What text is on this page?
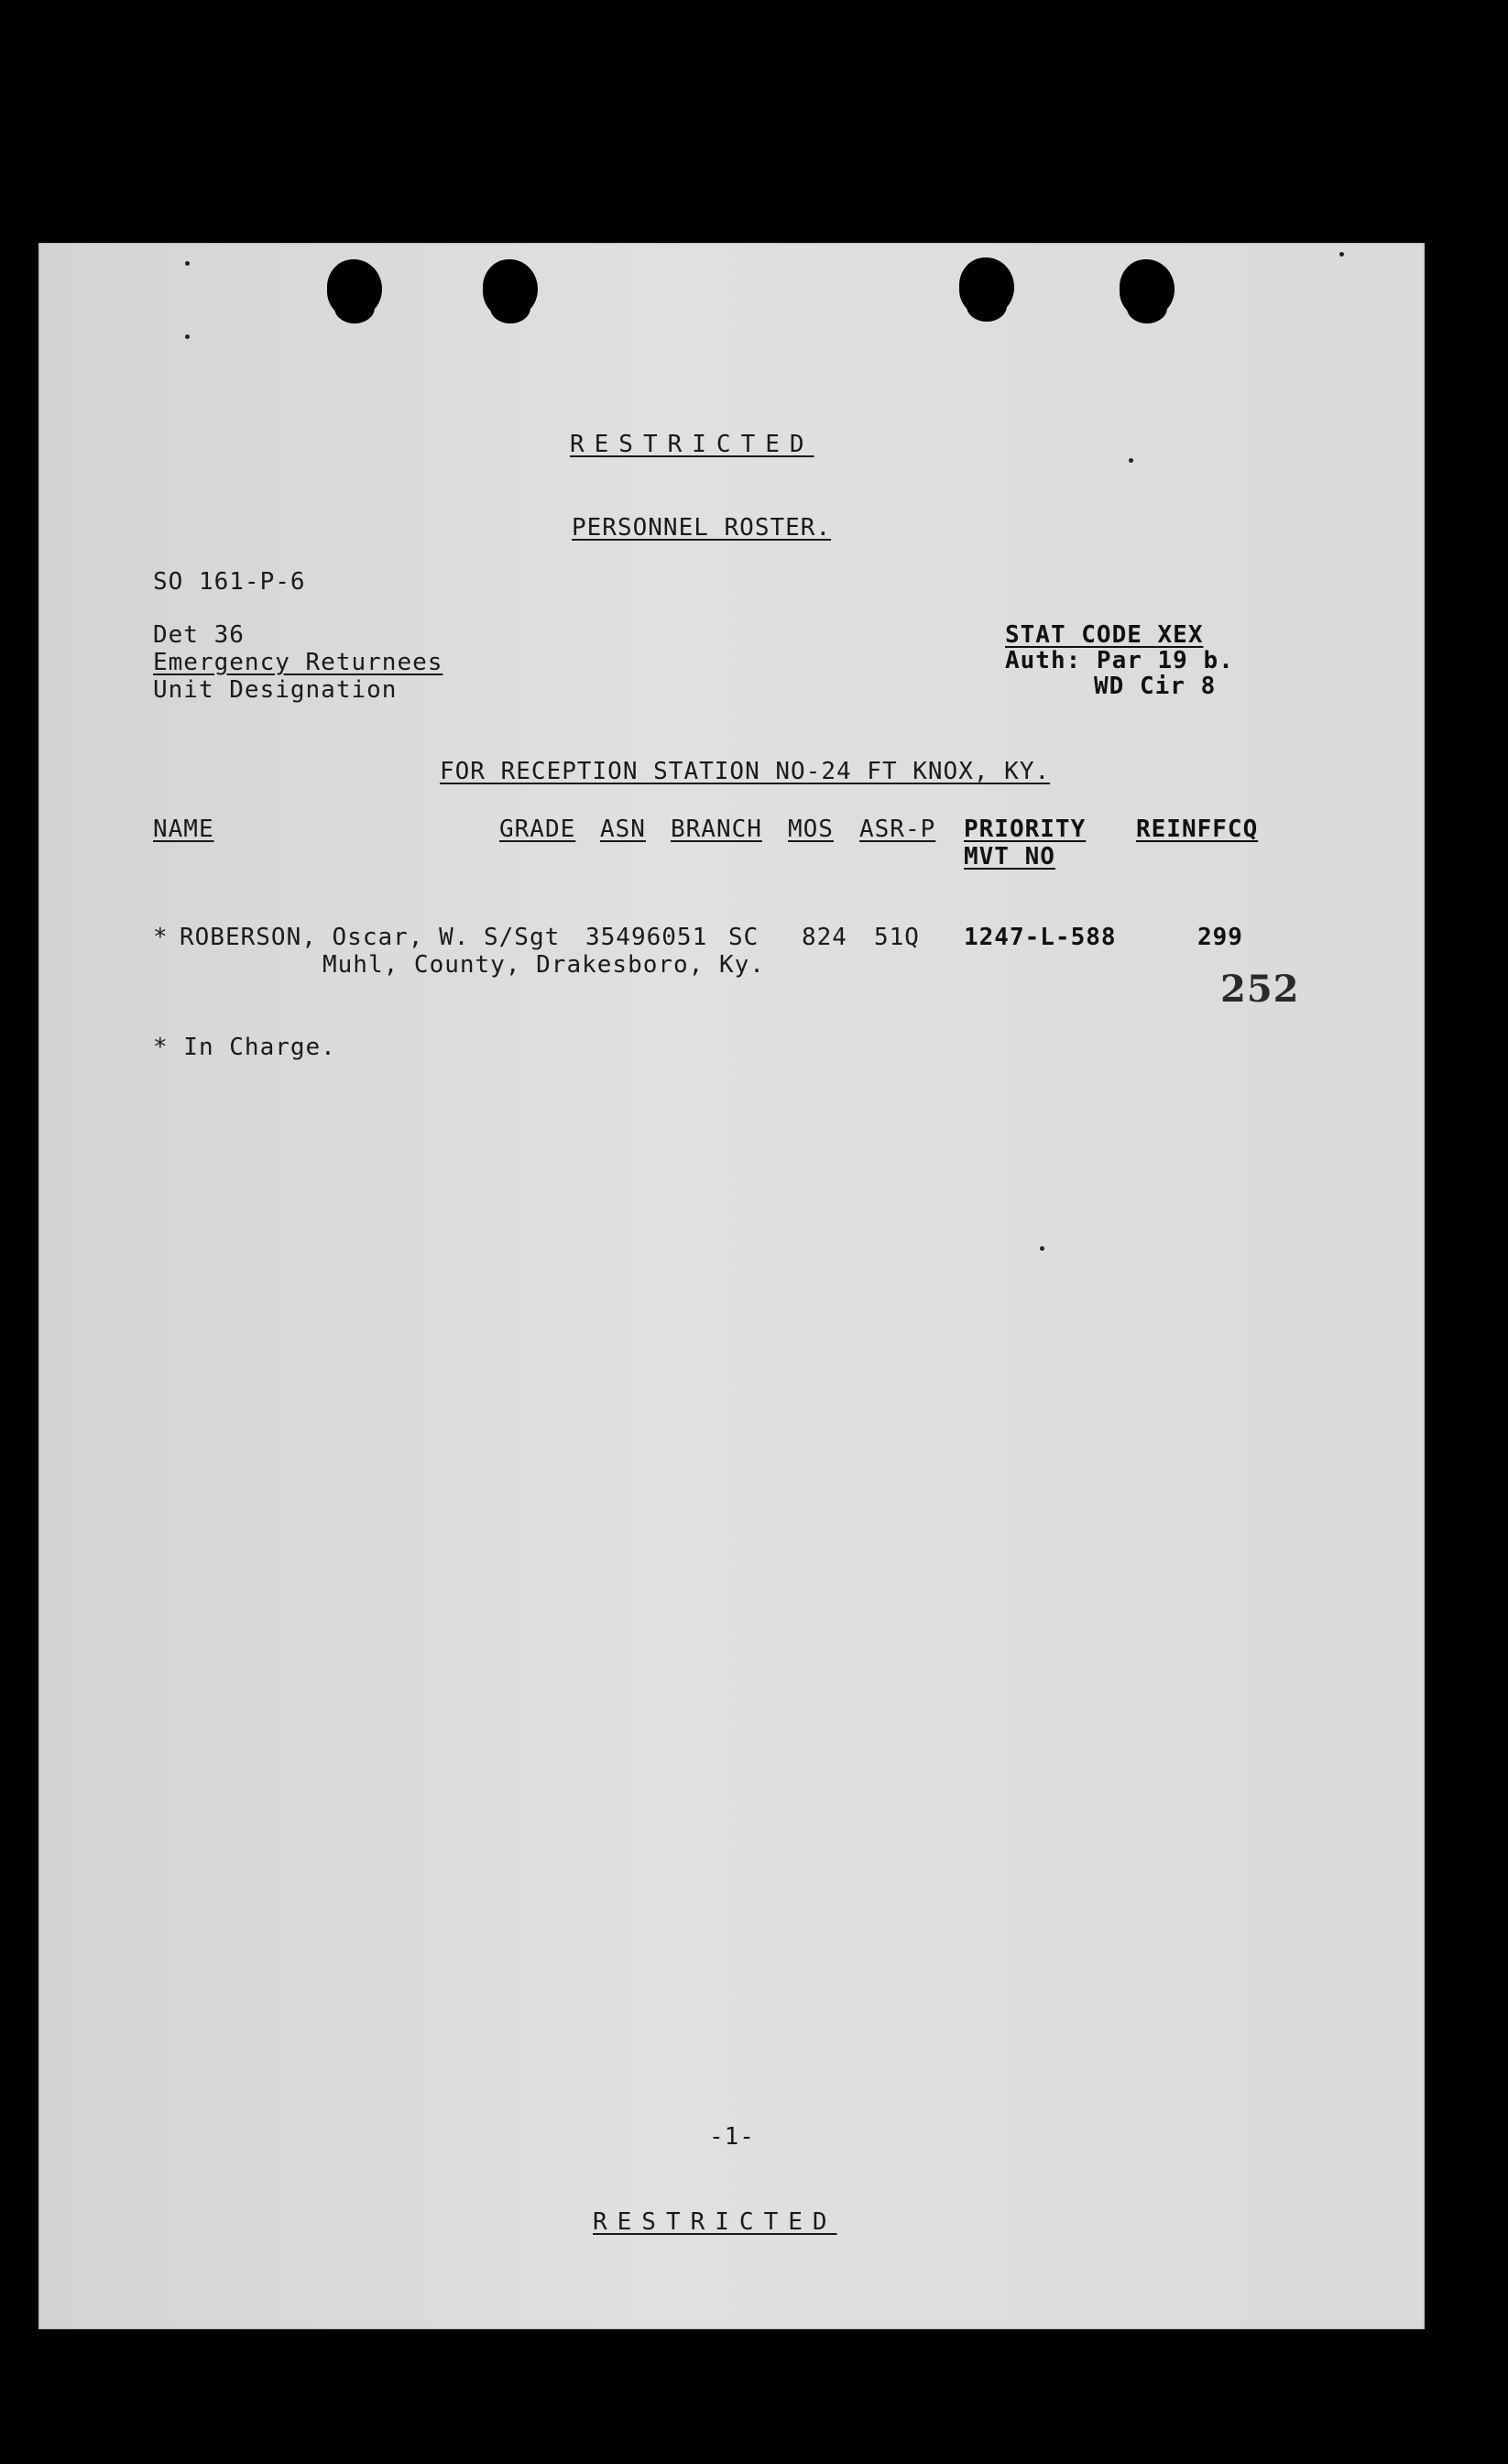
RESTRICTED
PERSONNEL ROSTER.
SO 161-P-6
Det 36
Emergency Returnees
Unit Designation
STAT CODE XEX
Auth: Par 19 b.
WD Cir 8
FOR RECEPTION STATION NO-24 FT KNOX, KY.
NAME	GRADE ASN BRANCH MOS ASR-P PRIORITY
MVT NO
REINFFCQ
* ROBERSON, Oscar, W. S/Sgt 35496051 SC 824 51Q 1247-L-588	299
Muhl, County, Drakesboro, Ky.
252
* In Charge.
-1-
RESTRICTED
